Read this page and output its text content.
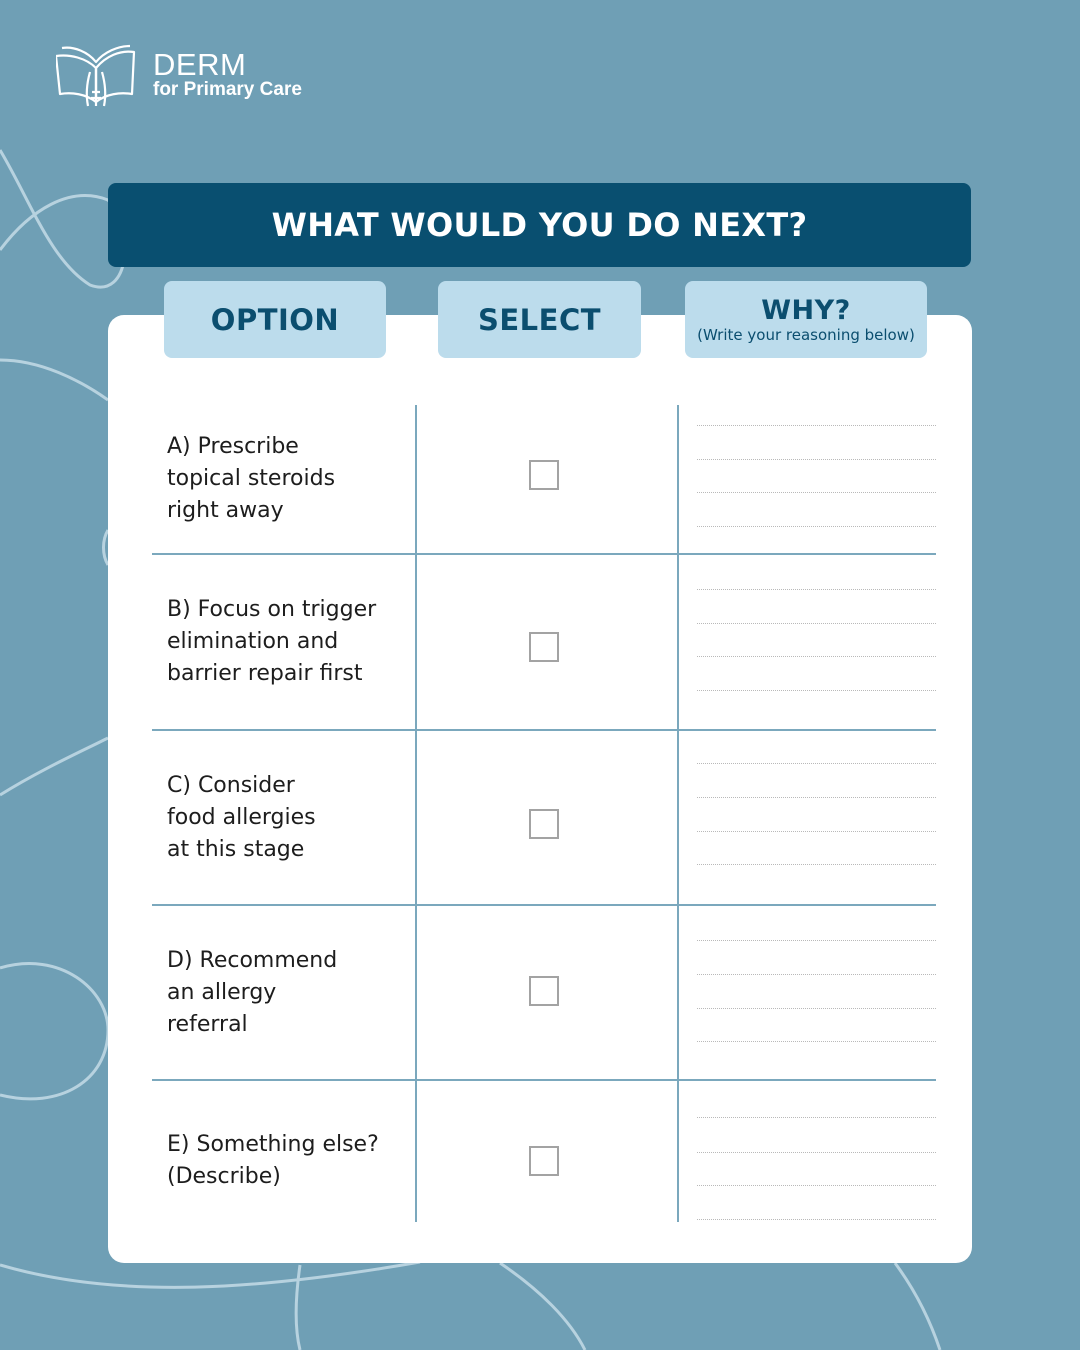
DERM
for Primary Care
WHAT WOULD YOU DO NEXT?
OPTION	SELECT	WHY?
(Write your reasoning below)
A) Prescribe
topical steroids
right away
B) Focus on trigger
elimination and
barrier repair first
C) Consider
food allergies
at this stage
D) Recommend
an allergy
referral
E) Something else?
(Describe)
